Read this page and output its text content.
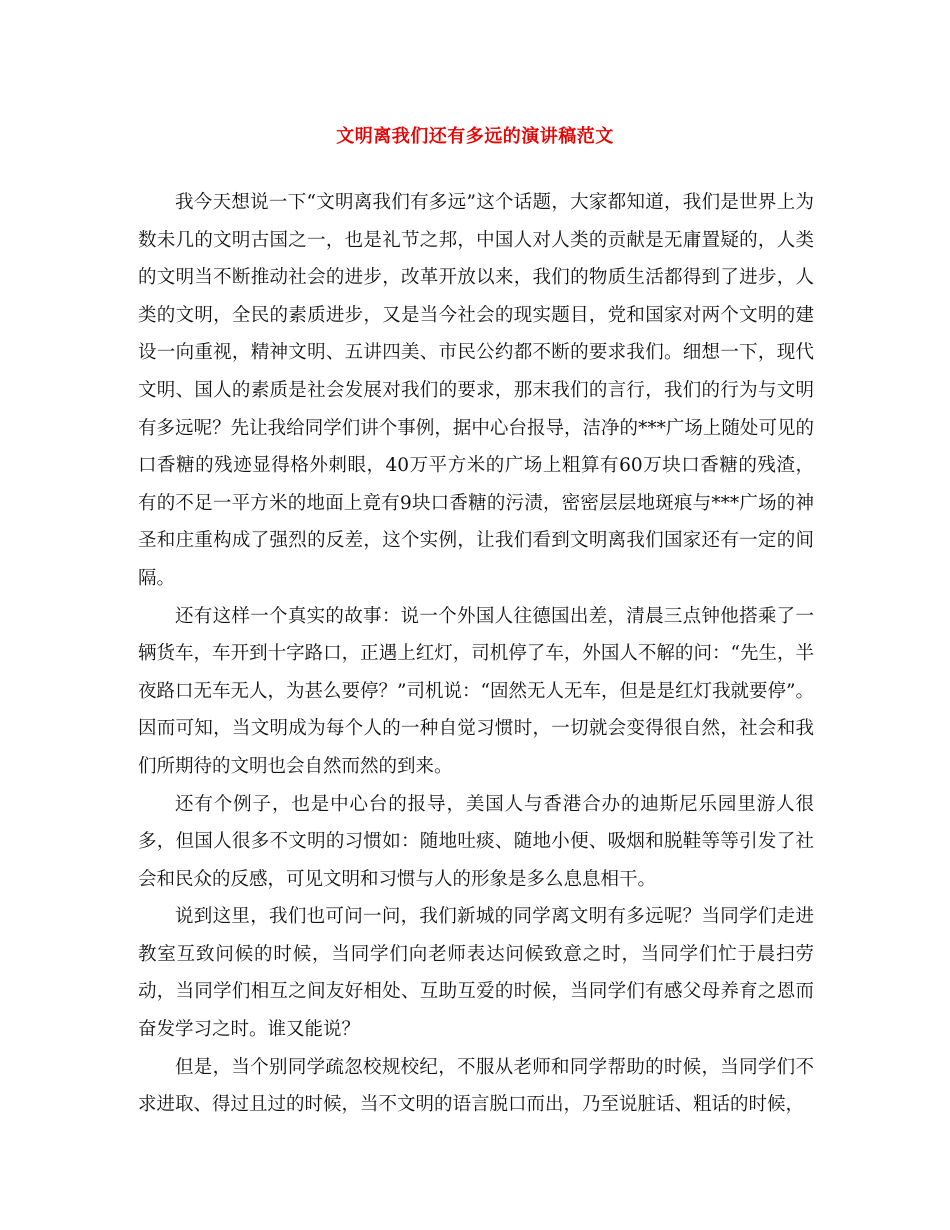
文明离我们还有多远的演讲稿范文

我今天想说一下“文明离我们有多远”这个话题，大家都知道，我们是世界上为数未几的文明古国之一，也是礼节之邦，中国人对人类的贡献是无庸置疑的，人类的文明当不断推动社会的进步，改革开放以来，我们的物质生活都得到了进步，人类的文明，全民的素质进步，又是当今社会的现实题目，党和国家对两个文明的建设一向重视，精神文明、五讲四美、市民公约都不断的要求我们。细想一下，现代文明、国人的素质是社会发展对我们的要求，那末我们的言行，我们的行为与文明有多远呢？先让我给同学们讲个事例，据中心台报导，洁净的***广场上随处可见的口香糖的残迹显得格外刺眼，40万平方米的广场上粗算有60万块口香糖的残渣，有的不足一平方米的地面上竟有9块口香糖的污渍，密密层层地斑痕与***广场的神圣和庄重构成了强烈的反差，这个实例，让我们看到文明离我们国家还有一定的间隔。

还有这样一个真实的故事：说一个外国人往德国出差，清晨三点钟他搭乘了一辆货车，车开到十字路口，正遇上红灯，司机停了车，外国人不解的问：“先生，半夜路口无车无人，为甚么要停？”司机说：“固然无人无车，但是是红灯我就要停”。因而可知，当文明成为每个人的一种自觉习惯时，一切就会变得很自然，社会和我们所期待的文明也会自然而然的到来。

还有个例子，也是中心台的报导，美国人与香港合办的迪斯尼乐园里游人很多，但国人很多不文明的习惯如：随地吐痰、随地小便、吸烟和脱鞋等等引发了社会和民众的反感，可见文明和习惯与人的形象是多么息息相干。

说到这里，我们也可问一问，我们新城的同学离文明有多远呢？当同学们走进教室互致问候的时候，当同学们向老师表达问候致意之时，当同学们忙于晨扫劳动，当同学们相互之间友好相处、互助互爱的时候，当同学们有感父母养育之恩而奋发学习之时。谁又能说？

但是，当个别同学疏忽校规校纪，不服从老师和同学帮助的时候，当同学们不求进取、得过且过的时候，当不文明的语言脱口而出，乃至说脏话、粗话的时候，
